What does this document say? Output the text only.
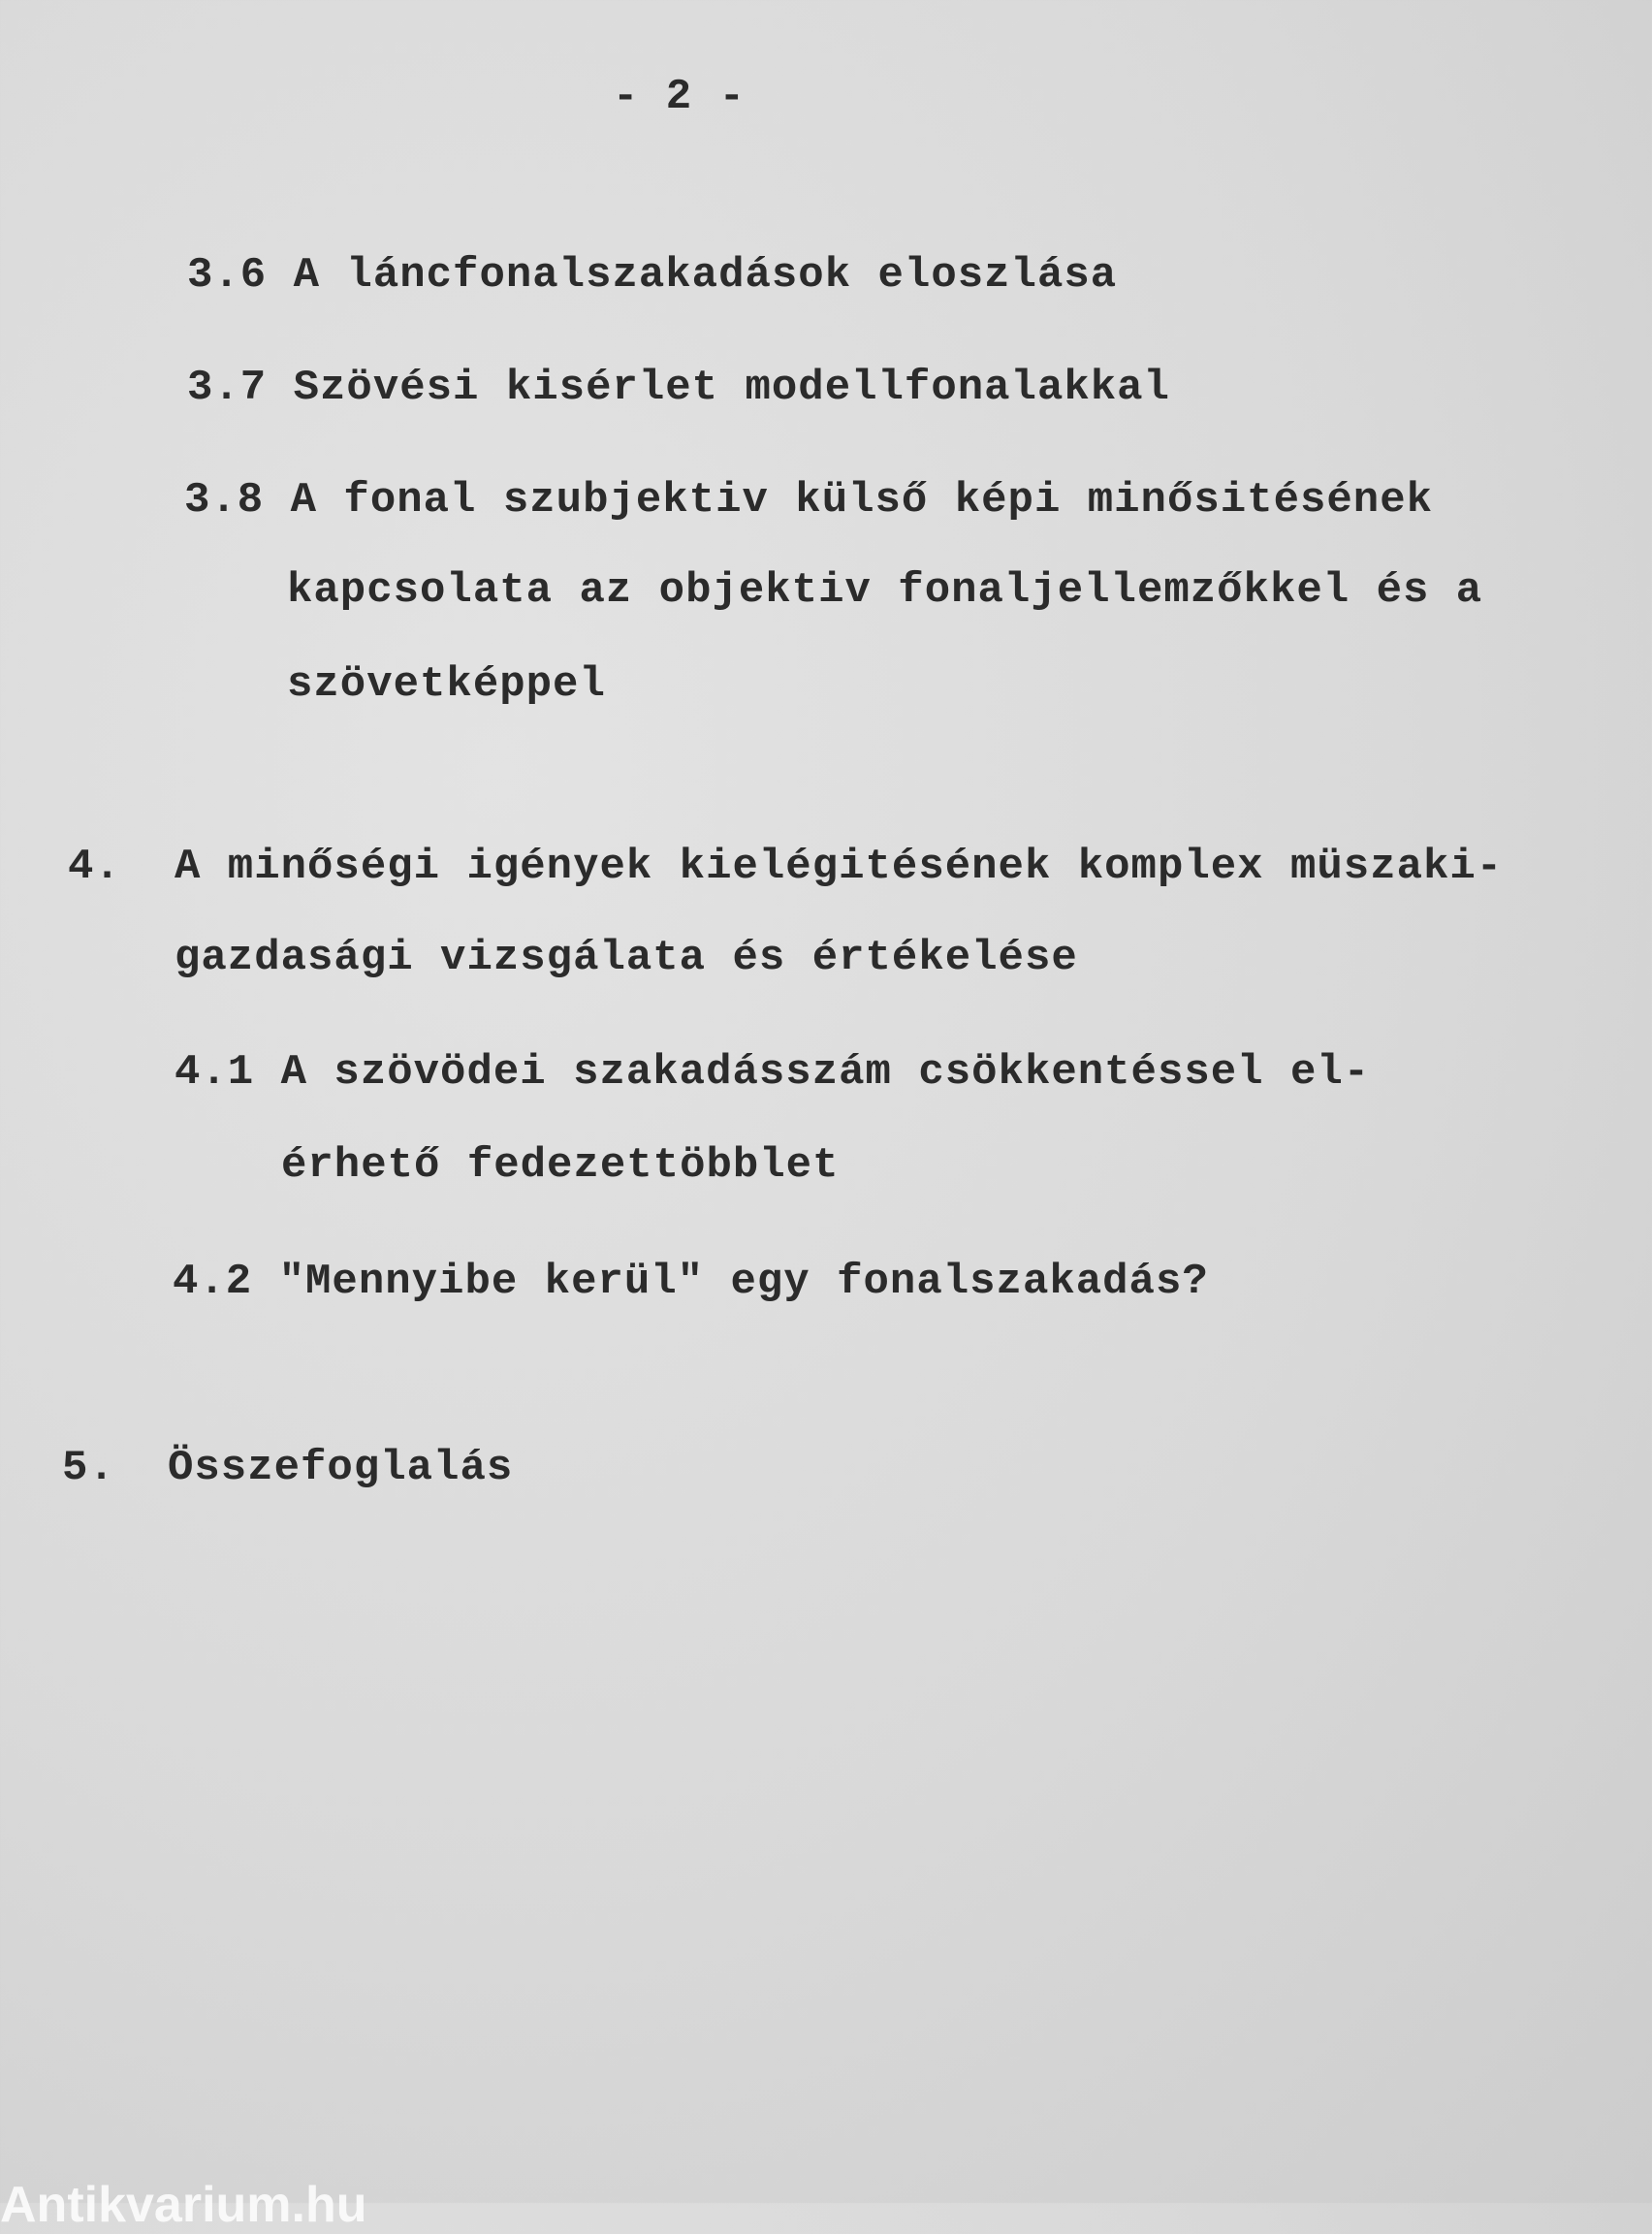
- 2 -

3.6 A láncfonalszakadások eloszlása

3.7 Szövési kisérlet modellfonalakkal

3.8 A fonal szubjektiv külső képi minősitésének

kapcsolata az objektiv fonaljellemzőkkel és a

szövetképpel

4. A minőségi igények kielégitésének komplex müszaki-

gazdasági vizsgálata és értékelése

4.1 A szövödei szakadásszám csökkentéssel el-

érhető fedezettöbblet

4.2 "Mennyibe kerül" egy fonalszakadás?

5. Összefoglalás

Antikvarium.hu
